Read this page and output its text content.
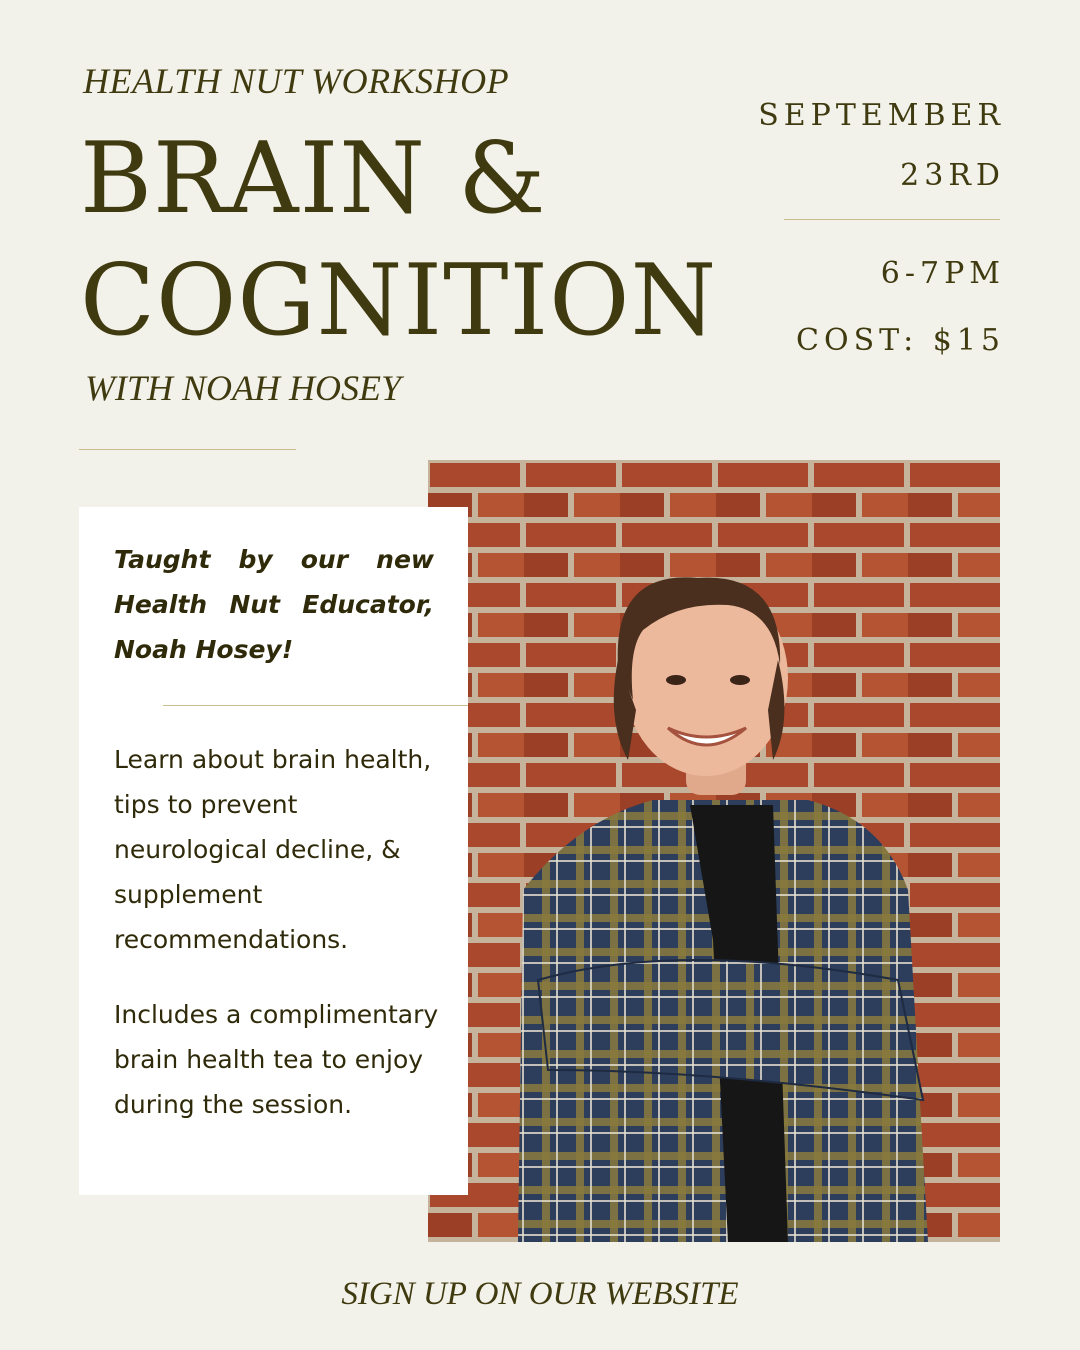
HEALTH NUT WORKSHOP
BRAIN &
COGNITION
WITH NOAH HOSEY
SEPTEMBER
23RD
6-7PM
COST: $15
Taught by our new Health Nut Educator, Noah Hosey!
Learn about brain health, tips to prevent neurological decline, & supplement recommendations.
Includes a complimentary brain health tea to enjoy during the session.
SIGN UP ON OUR WEBSITE
